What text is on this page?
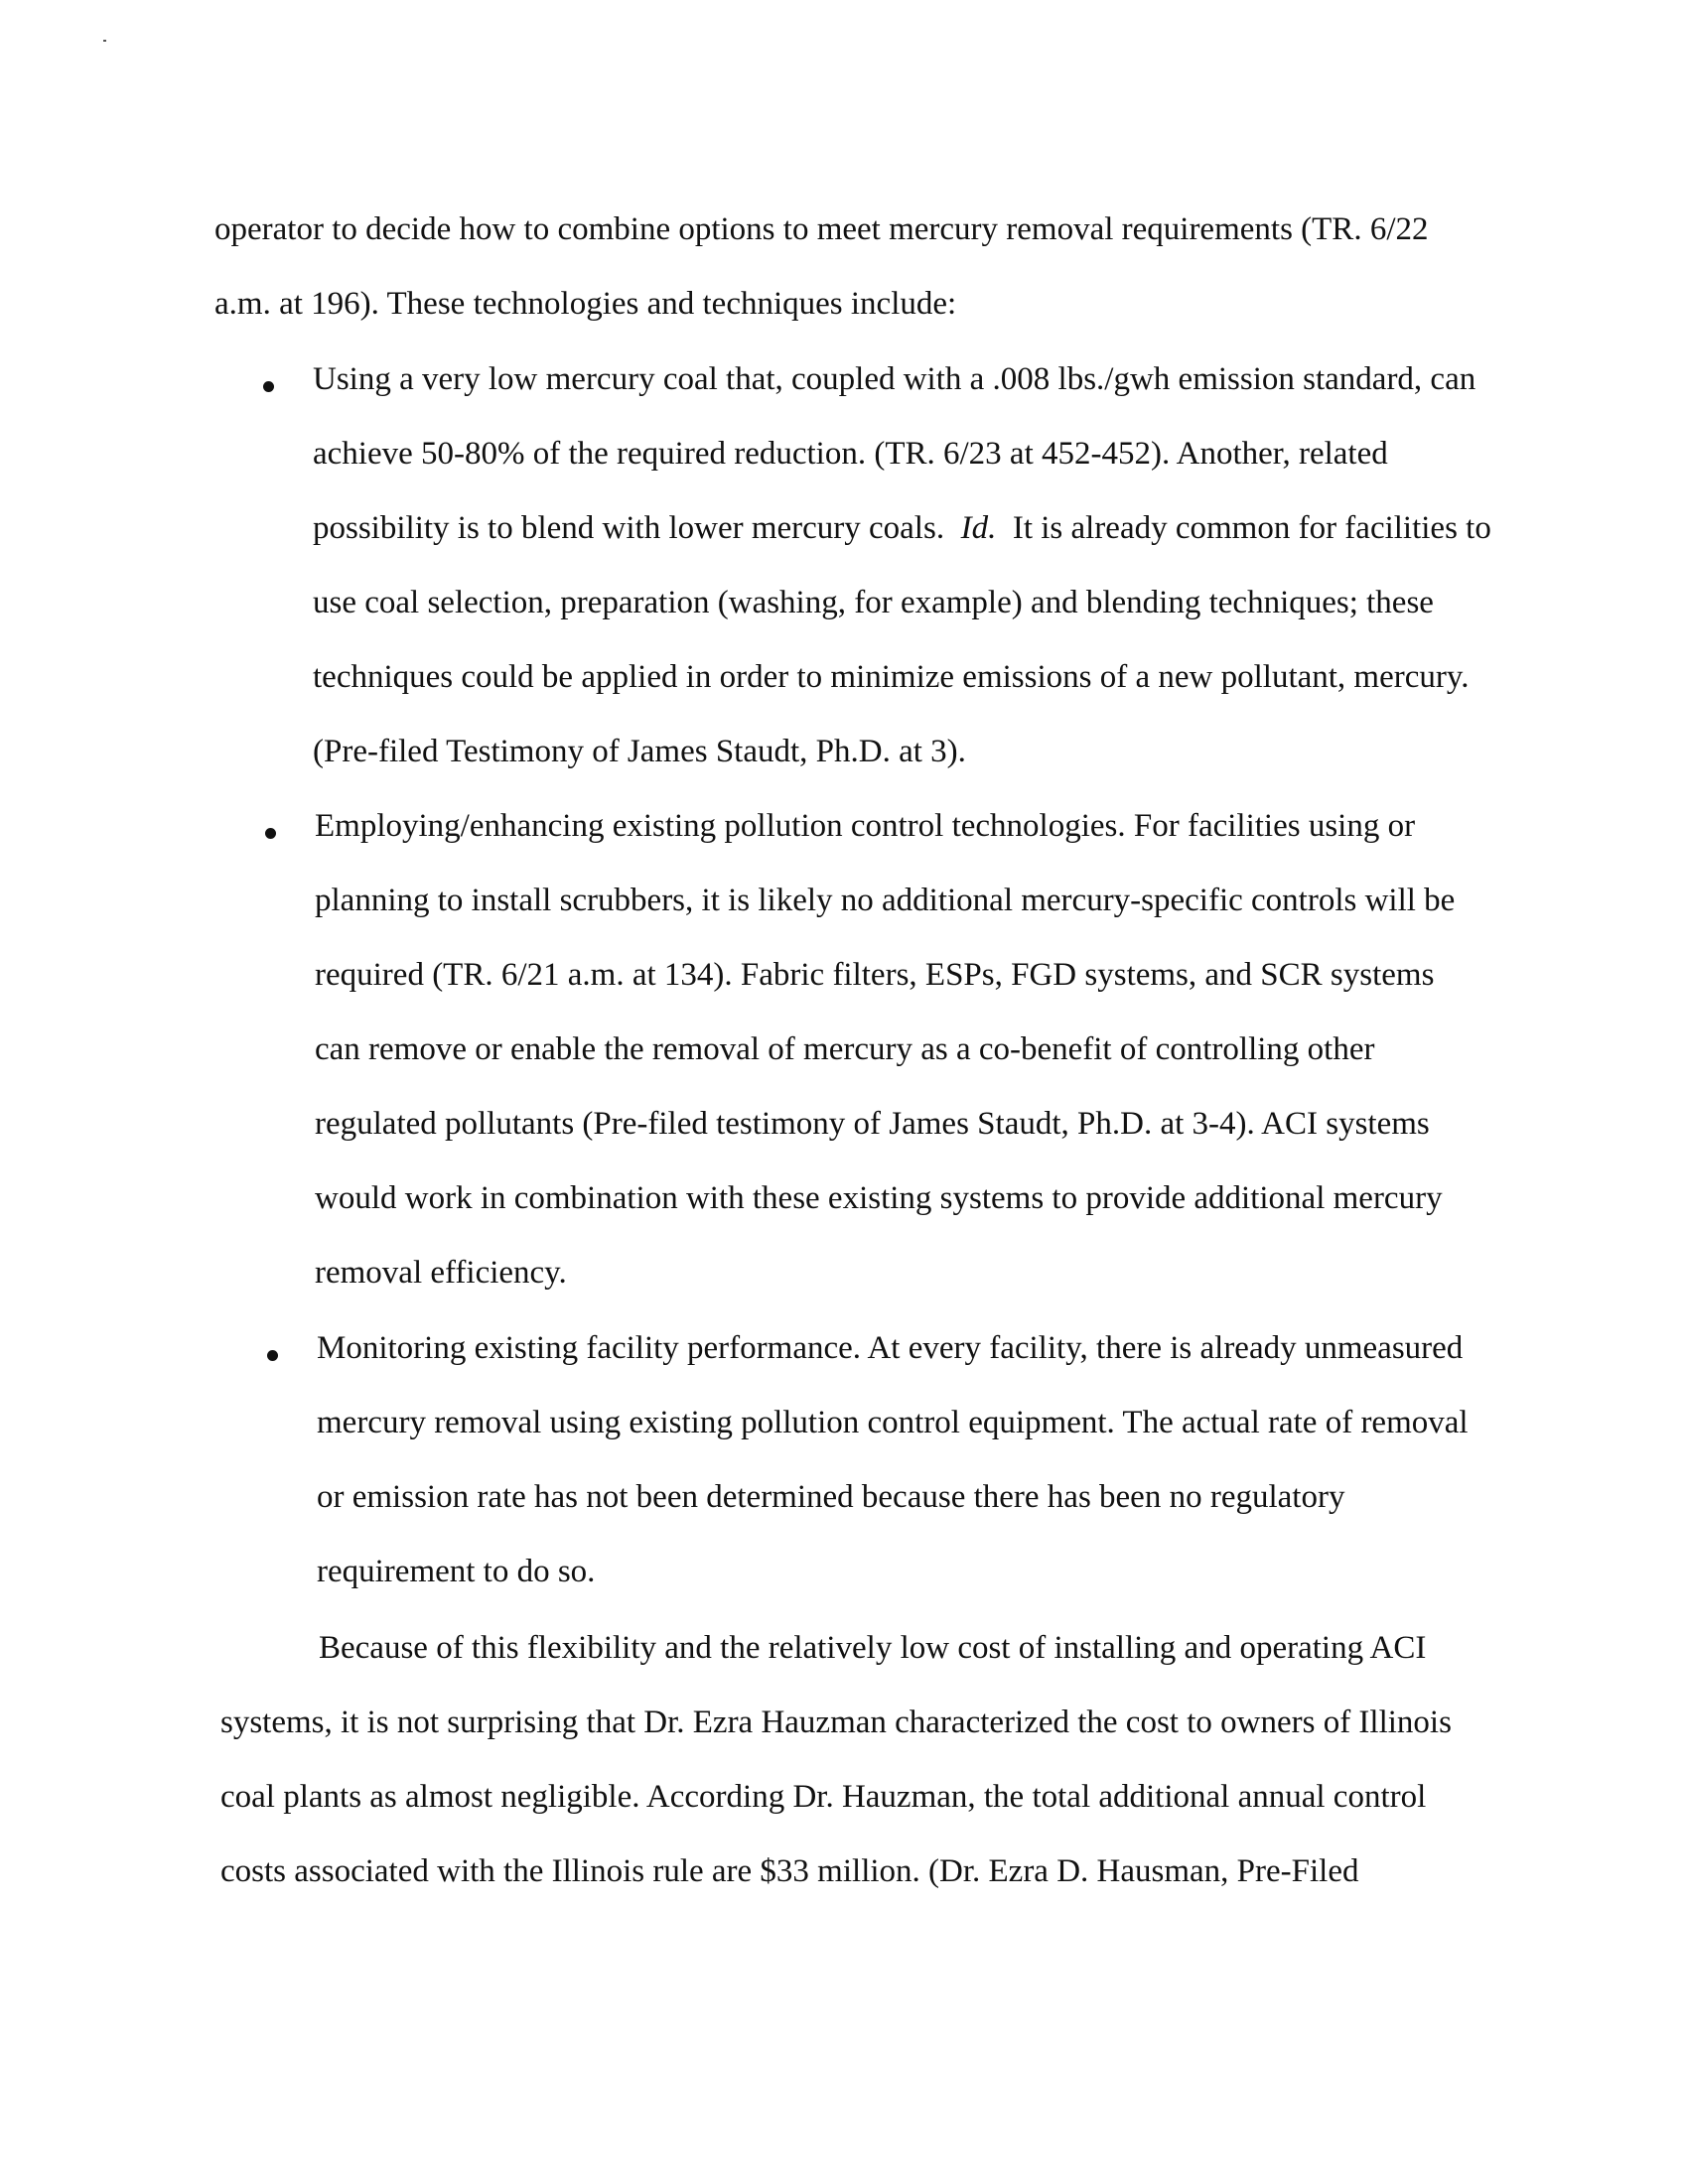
operator to decide how to combine options to meet mercury removal requirements (TR. 6/22
a.m. at 196). These technologies and techniques include:
Using a very low mercury coal that, coupled with a .008 lbs./gwh emission standard, can
achieve 50-80% of the required reduction. (TR. 6/23 at 452-452). Another, related
possibility is to blend with lower mercury coals. Id. It is already common for facilities to
use coal selection, preparation (washing, for example) and blending techniques; these
techniques could be applied in order to minimize emissions of a new pollutant, mercury.
(Pre-filed Testimony of James Staudt, Ph.D. at 3).
Employing/enhancing existing pollution control technologies. For facilities using or
planning to install scrubbers, it is likely no additional mercury-specific controls will be
required (TR. 6/21 a.m. at 134). Fabric filters, ESPs, FGD systems, and SCR systems
can remove or enable the removal of mercury as a co-benefit of controlling other
regulated pollutants (Pre-filed testimony of James Staudt, Ph.D. at 3-4). ACI systems
would work in combination with these existing systems to provide additional mercury
removal efficiency.
Monitoring existing facility performance. At every facility, there is already unmeasured
mercury removal using existing pollution control equipment. The actual rate of removal
or emission rate has not been determined because there has been no regulatory
requirement to do so.
Because of this flexibility and the relatively low cost of installing and operating ACI
systems, it is not surprising that Dr. Ezra Hauzman characterized the cost to owners of Illinois
coal plants as almost negligible. According Dr. Hauzman, the total additional annual control
costs associated with the Illinois rule are $33 million. (Dr. Ezra D. Hausman, Pre-Filed
